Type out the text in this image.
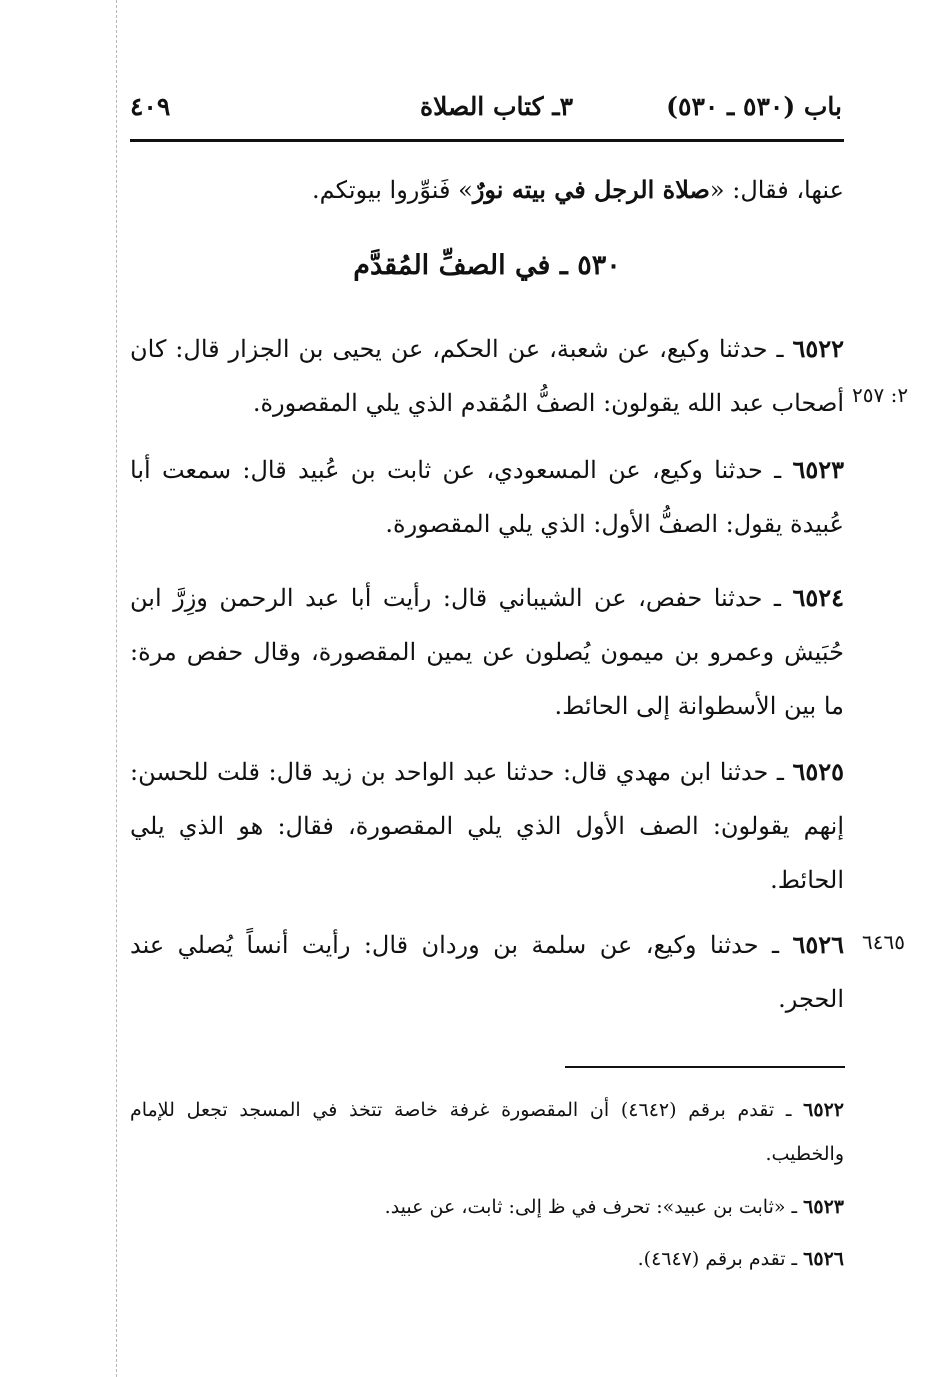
٤٠٩	٣ـ كتاب الصلاة	باب (٥٣٠ ـ ٥٣٠)

عنها، فقال: «صلاة الرجل في بيته نورٌ» فَنوِّروا بيوتكم.

٥٣٠ ـ في الصفِّ المُقدَّم

٦٥٢٢ ـ حدثنا وكيع، عن شعبة، عن الحكم، عن يحيى بن الجزار قال: كان أصحاب عبد الله يقولون: الصفُّ المُقدم الذي يلي المقصورة. ٢: ٢٥٧

٦٥٢٣ ـ حدثنا وكيع، عن المسعودي، عن ثابت بن عُبيد قال: سمعت أبا عُبيدة يقول: الصفُّ الأول: الذي يلي المقصورة.

٦٥٢٤ ـ حدثنا حفص، عن الشيباني قال: رأيت أبا عبد الرحمن وزِرَّ ابن حُبَيش وعمرو بن ميمون يُصلون عن يمين المقصورة، وقال حفص مرة: ما بين الأسطوانة إلى الحائط.

٦٥٢٥ ـ حدثنا ابن مهدي قال: حدثنا عبد الواحد بن زيد قال: قلت للحسن: إنهم يقولون: الصف الأول الذي يلي المقصورة، فقال: هو الذي يلي الحائط.

٦٥٢٦ ـ حدثنا وكيع، عن سلمة بن وردان قال: رأيت أنساً يُصلي عند الحجر.

٦٤٦٥

٦٥٢٢ ـ تقدم برقم (٤٦٤٢) أن المقصورة غرفة خاصة تتخذ في المسجد تجعل للإمام والخطيب.

٦٥٢٣ ـ «ثابت بن عبيد»: تحرف في ظ إلى: ثابت، عن عبيد.

٦٥٢٦ ـ تقدم برقم (٤٦٤٧).
